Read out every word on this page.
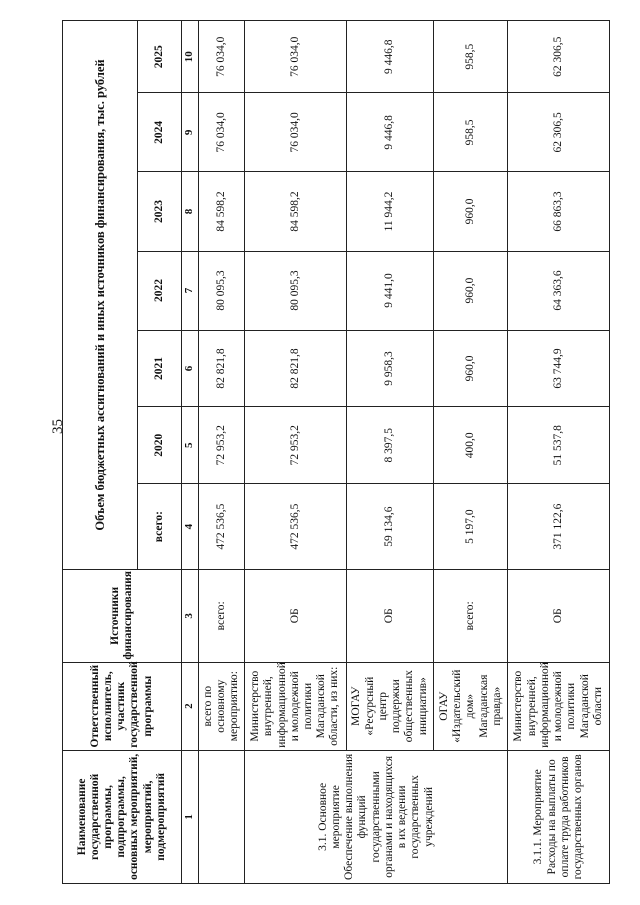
35
Наименование государственной программы, подпрограммы, основных мероприятий, мероприятий, подмероприятий	Ответственный исполнитель, участник государственной программы	Источники финансирования	Объем бюджетных ассигнований и иных источников финансирования, тыс. рублей						
			всего:	2020	2021	2022	2023	2024	2025
1	2	3	4	5	6	7	8	9	10
	всего по основному мероприятию:	всего:	472 536,5	72 953,2	82 821,8	80 095,3	84 598,2	76 034,0	76 034,0
3.1. Основное мероприятие Обеспечение выполнения функций государственными органами и находящихся в их ведении государственных учреждений	Министерство внутренней, информационной и молодежной политики Магаданской области, из них:	ОБ	472 536,5	72 953,2	82 821,8	80 095,3	84 598,2	76 034,0	76 034,0
	МОГАУ «Ресурсный центр поддержки общественных инициатив»	ОБ	59 134,6	8 397,5	9 958,3	9 441,0	11 944,2	9 446,8	9 446,8
	ОГАУ «Издательский дом» Магаданская правда»	всего:	5 197,0	400,0	960,0	960,0	960,0	958,5	958,5
3.1.1. Мероприятие Расходы на выплаты по оплате труда работников государственных органов	Министерство внутренней, информационной и молодежной политики Магаданской области	ОБ	371 122,6	51 537,8	63 744,9	64 363,6	66 863,3	62 306,5	62 306,5
